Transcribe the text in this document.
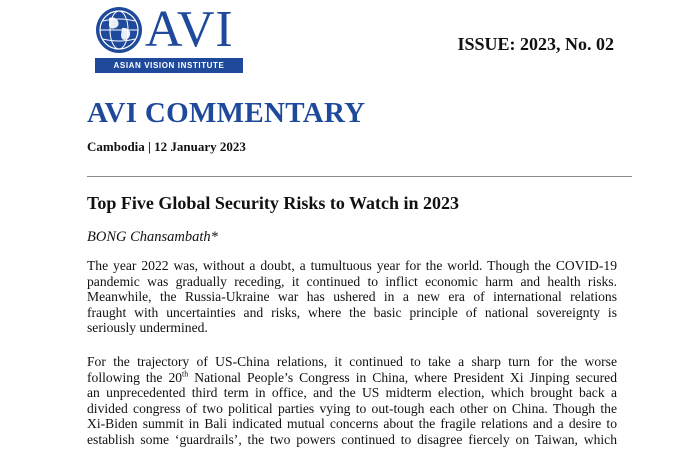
AVI
ASIAN VISION INSTITUTE
ISSUE: 2023, No. 02
AVI COMMENTARY
Cambodia | 12 January 2023
Top Five Global Security Risks to Watch in 2023
BONG Chansambath*
The year 2022 was, without a doubt, a tumultuous year for the world. Though the COVID-19
pandemic was gradually receding, it continued to inflict economic harm and health risks.
Meanwhile, the Russia-Ukraine war has ushered in a new era of international relations
fraught with uncertainties and risks, where the basic principle of national sovereignty is
seriously undermined.
For the trajectory of US-China relations, it continued to take a sharp turn for the worse
following the 20th National People’s Congress in China, where President Xi Jinping secured
an unprecedented third term in office, and the US midterm election, which brought back a
divided congress of two political parties vying to out-tough each other on China. Though the
Xi-Biden summit in Bali indicated mutual concerns about the fragile relations and a desire to
establish some ‘guardrails’, the two powers continued to disagree fiercely on Taiwan, which
